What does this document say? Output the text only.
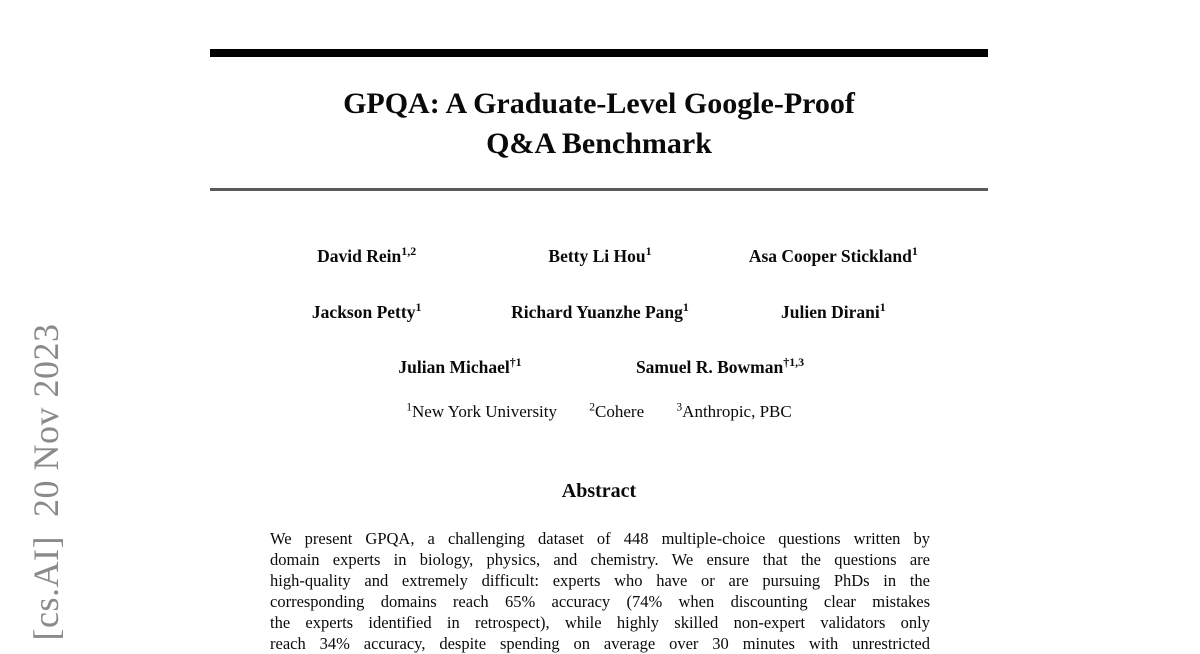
[cs.AI]  20 Nov 2023
GPQA: A Graduate-Level Google-Proof
Q&A Benchmark
David Rein$^{1,2}$	Betty Li Hou$^1$	Asa Cooper Stickland$^1$
Jackson Petty$^1$	Richard Yuanzhe Pang$^1$	Julien Dirani$^1$
Julian Michael$^{\dagger 1}$	Samuel R. Bowman$^{\dagger 1,3}$
$^1$New York University	$^2$Cohere	$^3$Anthropic, PBC
Abstract
We present GPQA, a challenging dataset of 448 multiple-choice questions written by
domain experts in biology, physics, and chemistry. We ensure that the questions are
high-quality and extremely difficult: experts who have or are pursuing PhDs in the
corresponding domains reach 65% accuracy (74% when discounting clear mistakes
the experts identified in retrospect), while highly skilled non-expert validators only
reach 34% accuracy, despite spending on average over 30 minutes with unrestricted
